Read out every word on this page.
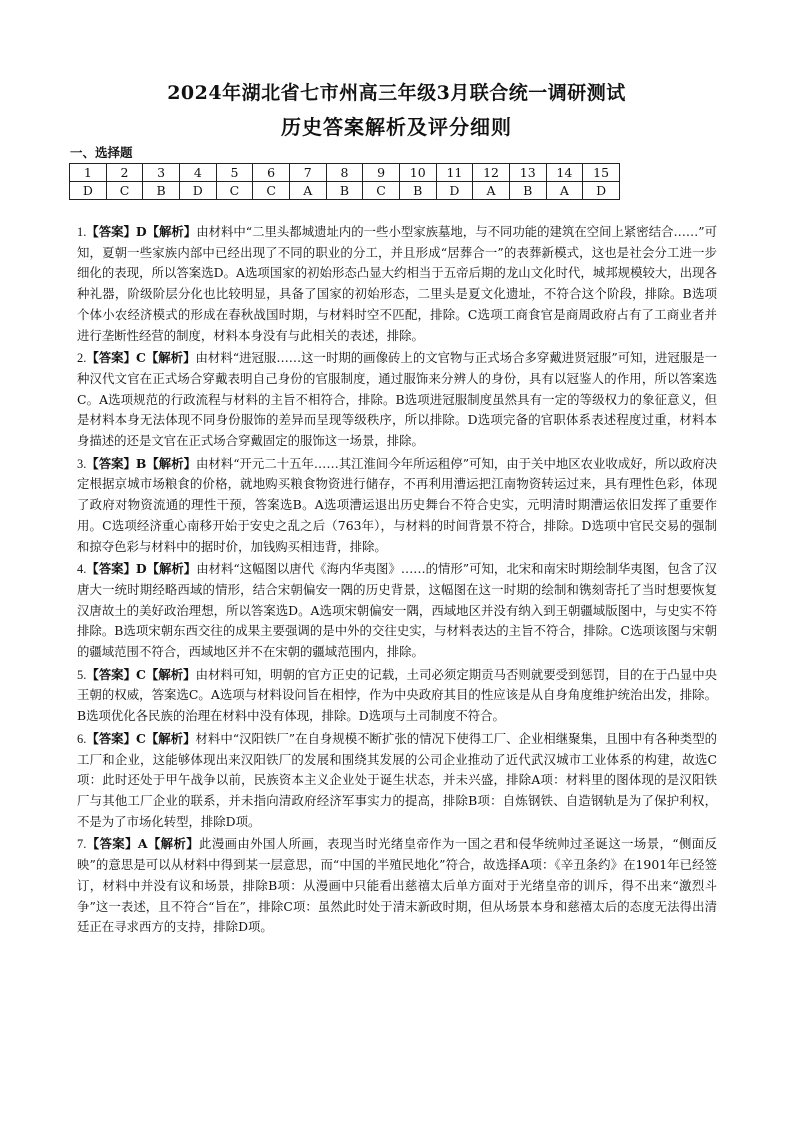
2024年湖北省七市州高三年级3月联合统一调研测试
历史答案解析及评分细则
一、选择题
1	2	3	4	5	6	7	8	9	10	11	12	13	14	15
D	C	B	D	C	C	A	B	C	B	D	A	B	A	D

1.【答案】D【解析】由材料中“二里头都城遗址内的一些小型家族墓地，与不同功能的建筑在空间上紧密结合……”可知，夏朝一些家族内部中已经出现了不同的职业的分工，并且形成“居葬合一”的表葬新模式，这也是社会分工进一步细化的表现，所以答案选D。A选项国家的初始形态凸显大约相当于五帝后期的龙山文化时代，城邦规模较大，出现各种礼器，阶级阶层分化也比较明显，具备了国家的初始形态，二里头是夏文化遗址，不符合这个阶段，排除。B选项个体小农经济模式的形成在春秋战国时期，与材料时空不匹配，排除。C选项工商食官是商周政府占有了工商业者并进行垄断性经营的制度，材料本身没有与此相关的表述，排除。

2.【答案】C【解析】由材料“进冠服……这一时期的画像砖上的文官物与正式场合多穿戴进贤冠服”可知，进冠服是一种汉代文官在正式场合穿戴表明自己身份的官服制度，通过服饰来分辨人的身份，具有以冠鉴人的作用，所以答案选C。A选项规范的行政流程与材料的主旨不相符合，排除。B选项进冠服制度虽然具有一定的等级权力的象征意义，但是材料本身无法体现不同身份服饰的差异而呈现等级秩序，所以排除。D选项完备的官职体系表述程度过重，材料本身描述的还是文官在正式场合穿戴固定的服饰这一场景，排除。

3.【答案】B【解析】由材料“开元二十五年……其江淮间今年所运租停”可知，由于关中地区农业收成好，所以政府决定根据京城市场粮食的价格，就地购买粮食物资进行储存，不再利用漕运把江南物资转运过来，具有理性色彩，体现了政府对物资流通的理性干预，答案选B。A选项漕运退出历史舞台不符合史实，元明清时期漕运依旧发挥了重要作用。C选项经济重心南移开始于安史之乱之后（763年），与材料的时间背景不符合，排除。D选项中官民交易的强制和掠夺色彩与材料中的据时价，加钱购买相违背，排除。

4.【答案】D【解析】由材料“这幅图以唐代《海内华夷图》……的情形”可知，北宋和南宋时期绘制华夷图，包含了汉唐大一统时期经略西域的情形，结合宋朝偏安一隅的历史背景，这幅图在这一时期的绘制和镌刻寄托了当时想要恢复汉唐故土的美好政治理想，所以答案选D。A选项宋朝偏安一隅，西域地区并没有纳入到王朝疆域版图中，与史实不符排除。B选项宋朝东西交往的成果主要强调的是中外的交往史实，与材料表达的主旨不符合，排除。C选项该图与宋朝的疆域范围不符合，西域地区并不在宋朝的疆域范围内，排除。

5.【答案】C【解析】由材料可知，明朝的官方正史的记载，土司必须定期贡马否则就要受到惩罚，目的在于凸显中央王朝的权威，答案选C。A选项与材料设问旨在相悖，作为中央政府其目的性应该是从自身角度维护统治出发，排除。B选项优化各民族的治理在材料中没有体现，排除。D选项与土司制度不符合。

6.【答案】C【解析】材料中“汉阳铁厂”在自身规模不断扩张的情况下使得工厂、企业相继聚集，且围中有各种类型的工厂和企业，这能够体现出来汉阳铁厂的发展和围绕其发展的公司企业推动了近代武汉城市工业体系的构建，故选C项：此时还处于甲午战争以前，民族资本主义企业处于诞生状态，并未兴盛，排除A项：材料里的图体现的是汉阳铁厂与其他工厂企业的联系，并未指向清政府经济军事实力的提高，排除B项：自炼钢铁、自造钢轨是为了保护利权，不是为了市场化转型，排除D项。

7.【答案】A【解析】此漫画由外国人所画，表现当时光绪皇帝作为一国之君和侵华统帅过圣诞这一场景，“侧面反映”的意思是可以从材料中得到某一层意思，而“中国的半殖民地化”符合，故选择A项：《辛丑条约》在1901年已经签订，材料中并没有议和场景，排除B项：从漫画中只能看出慈禧太后单方面对于光绪皇帝的训斥，得不出来“激烈斗争”这一表述，且不符合“旨在”，排除C项：虽然此时处于清末新政时期，但从场景本身和慈禧太后的态度无法得出清廷正在寻求西方的支持，排除D项。
